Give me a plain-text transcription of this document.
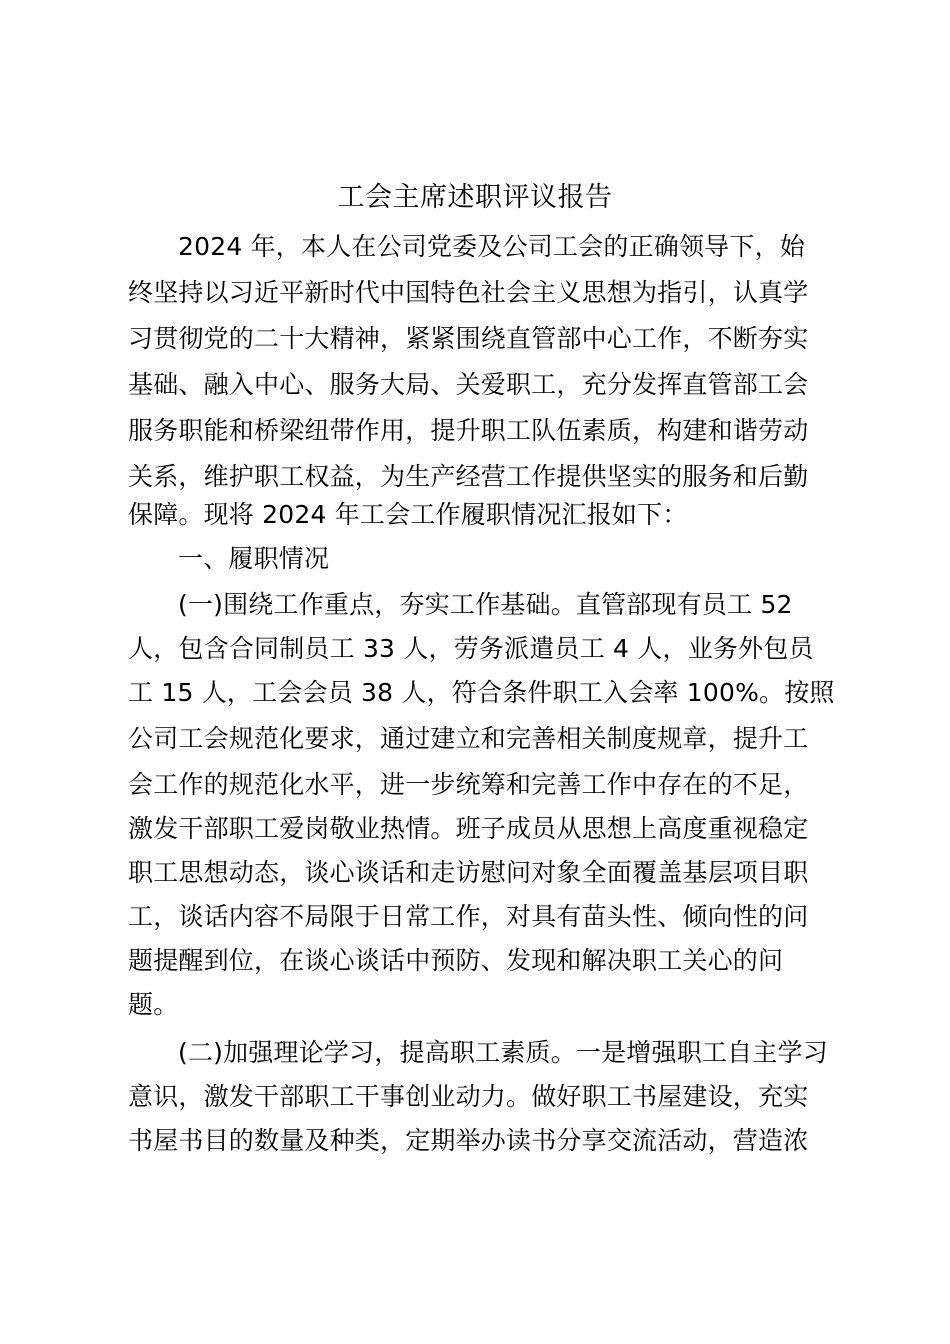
工会主席述职评议报告
2024 年，本人在公司党委及公司工会的正确领导下，始
终坚持以习近平新时代中国特色社会主义思想为指引，认真学
习贯彻党的二十大精神，紧紧围绕直管部中心工作，不断夯实
基础、融入中心、服务大局、关爱职工，充分发挥直管部工会
服务职能和桥梁纽带作用，提升职工队伍素质，构建和谐劳动
关系，维护职工权益，为生产经营工作提供坚实的服务和后勤
保障。现将 2024 年工会工作履职情况汇报如下：
一、履职情况
(一)围绕工作重点，夯实工作基础。直管部现有员工 52
人，包含合同制员工 33 人，劳务派遣员工 4 人，业务外包员
工 15 人，工会会员 38 人，符合条件职工入会率 100%。按照
公司工会规范化要求，通过建立和完善相关制度规章，提升工
会工作的规范化水平，进一步统筹和完善工作中存在的不足，
激发干部职工爱岗敬业热情。班子成员从思想上高度重视稳定
职工思想动态，谈心谈话和走访慰问对象全面覆盖基层项目职
工，谈话内容不局限于日常工作，对具有苗头性、倾向性的问
题提醒到位，在谈心谈话中预防、发现和解决职工关心的问
题。
(二)加强理论学习，提高职工素质。一是增强职工自主学习
意识，激发干部职工干事创业动力。做好职工书屋建设，充实
书屋书目的数量及种类，定期举办读书分享交流活动，营造浓
